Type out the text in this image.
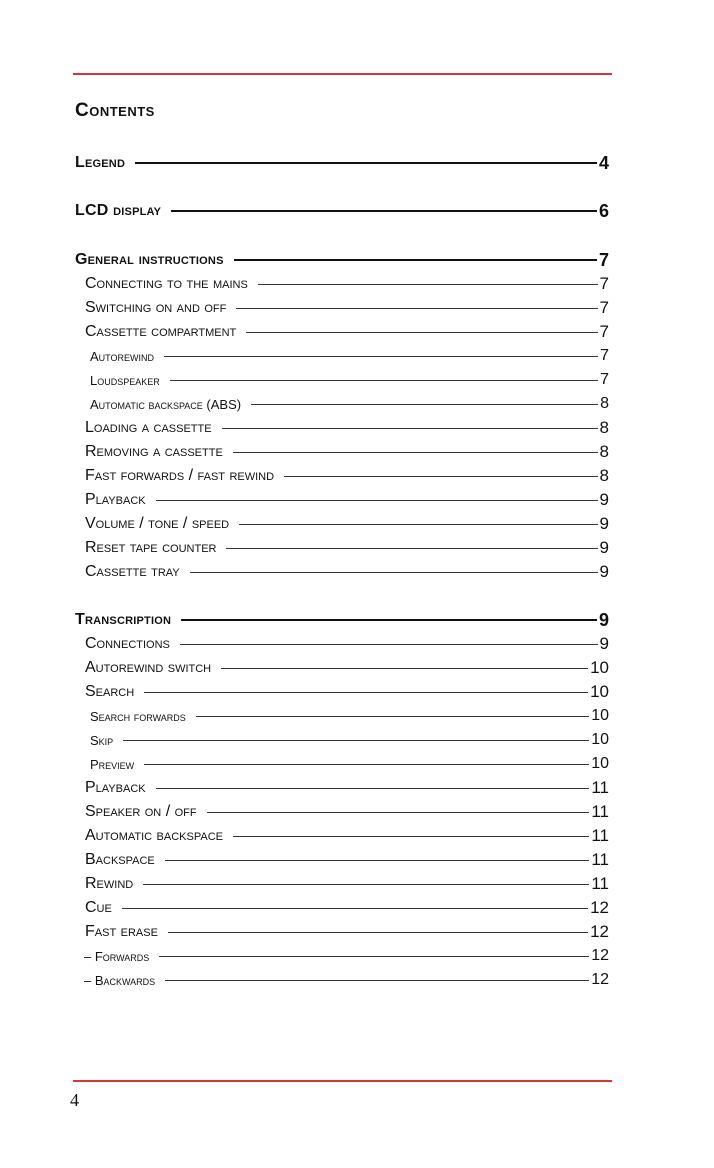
Contents
Legend	4
LCD display	6
General instructions	7
Connecting to the mains	7
Switching on and off	7
Cassette compartment	7
Autorewind	7
Loudspeaker	7
Automatic backspace (ABS)	8
Loading a cassette	8
Removing a cassette	8
Fast forwards / fast rewind	8
Playback	9
Volume / tone / speed	9
Reset tape counter	9
Cassette tray	9
Transcription	9
Connections	9
Autorewind switch	10
Search	10
Search forwards	10
Skip	10
Preview	10
Playback	11
Speaker on / off	11
Automatic backspace	11
Backspace	11
Rewind	11
Cue	12
Fast erase	12
– Forwards	12
– Backwards	12
4
